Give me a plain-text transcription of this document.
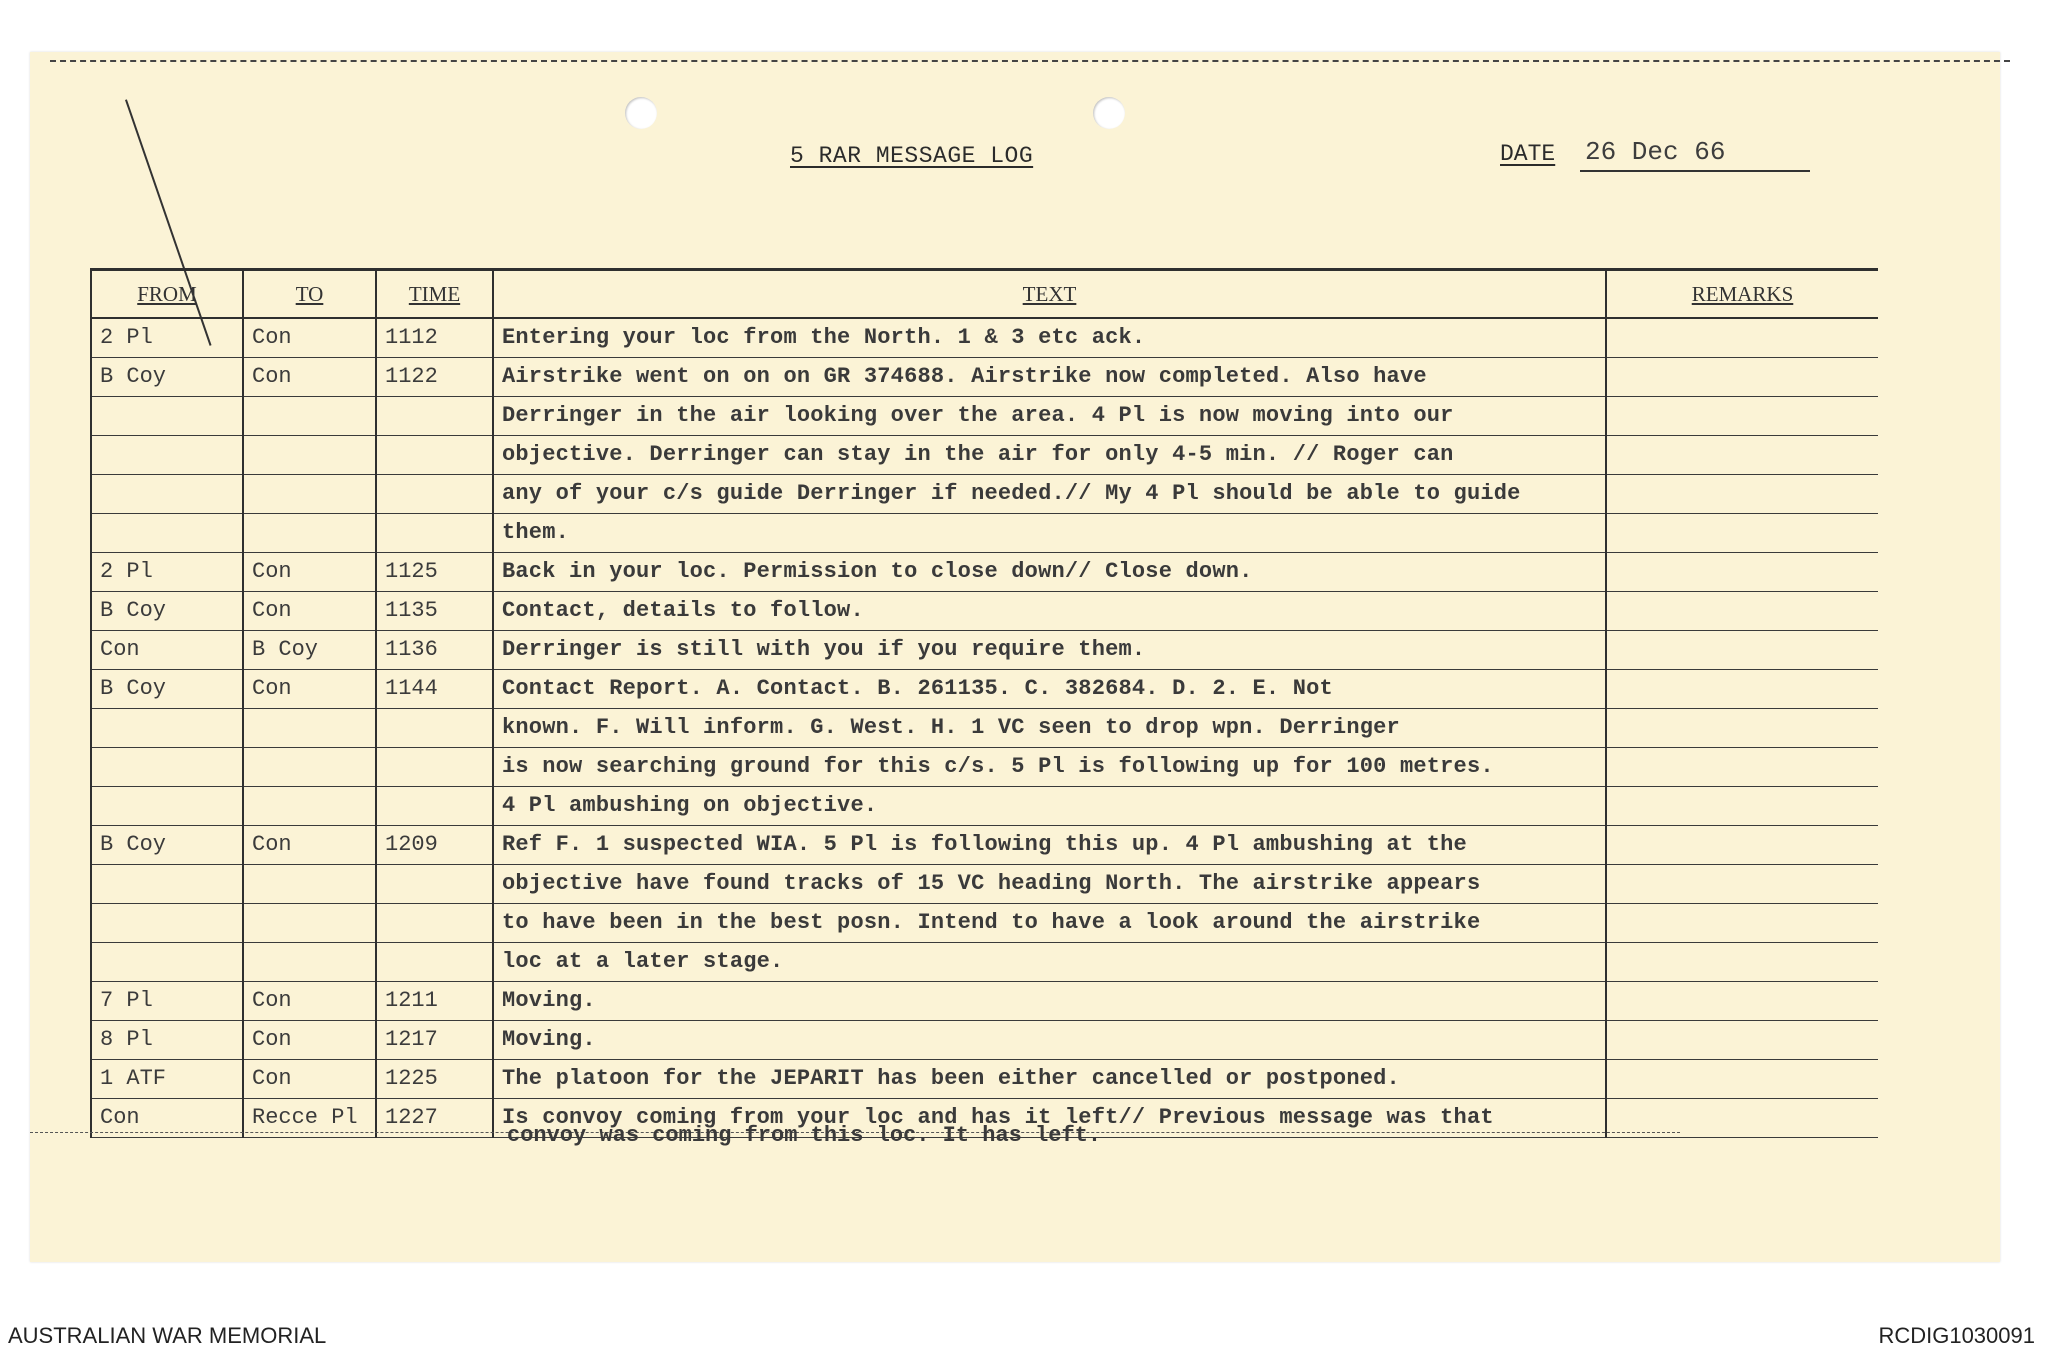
5 RAR MESSAGE LOG	DATE 26 Dec 66
FROM	TO	TIME	TEXT	REMARKS
2 Pl	Con	1112	Entering your loc from the North. 1 & 3 etc ack.	
B Coy	Con	1122	Airstrike went on on on GR 374688. Airstrike now completed. Also have	
			Derringer in the air looking over the area. 4 Pl is now moving into our	
			objective. Derringer can stay in the air for only 4-5 min. // Roger can	
			any of your c/s guide Derringer if needed.// My 4 Pl should be able to guide	
			them.	
2 Pl	Con	1125	Back in your loc. Permission to close down// Close down.	
B Coy	Con	1135	Contact, details to follow.	
Con	B Coy	1136	Derringer is still with you if you require them.	
B Coy	Con	1144	Contact Report. A. Contact. B. 261135. C. 382684. D. 2. E. Not	
			known. F. Will inform. G. West. H. 1 VC seen to drop wpn. Derringer	
			is now searching ground for this c/s. 5 Pl is following up for 100 metres.	
			4 Pl ambushing on objective.	
B Coy	Con	1209	Ref F. 1 suspected WIA. 5 Pl is following this up. 4 Pl ambushing at the	
			objective have found tracks of 15 VC heading North. The airstrike appears	
			to have been in the best posn. Intend to have a look around the airstrike	
			loc at a later stage.	
7 Pl	Con	1211	Moving.	
8 Pl	Con	1217	Moving.	
1 ATF	Con	1225	The platoon for the JEPARIT has been either cancelled or postponed.	
Con	Recce Pl	1227	Is convoy coming from your loc and has it left// Previous message was that	
convoy was coming from this loc. It has left.
AUSTRALIAN WAR MEMORIAL	RCDIG1030091
